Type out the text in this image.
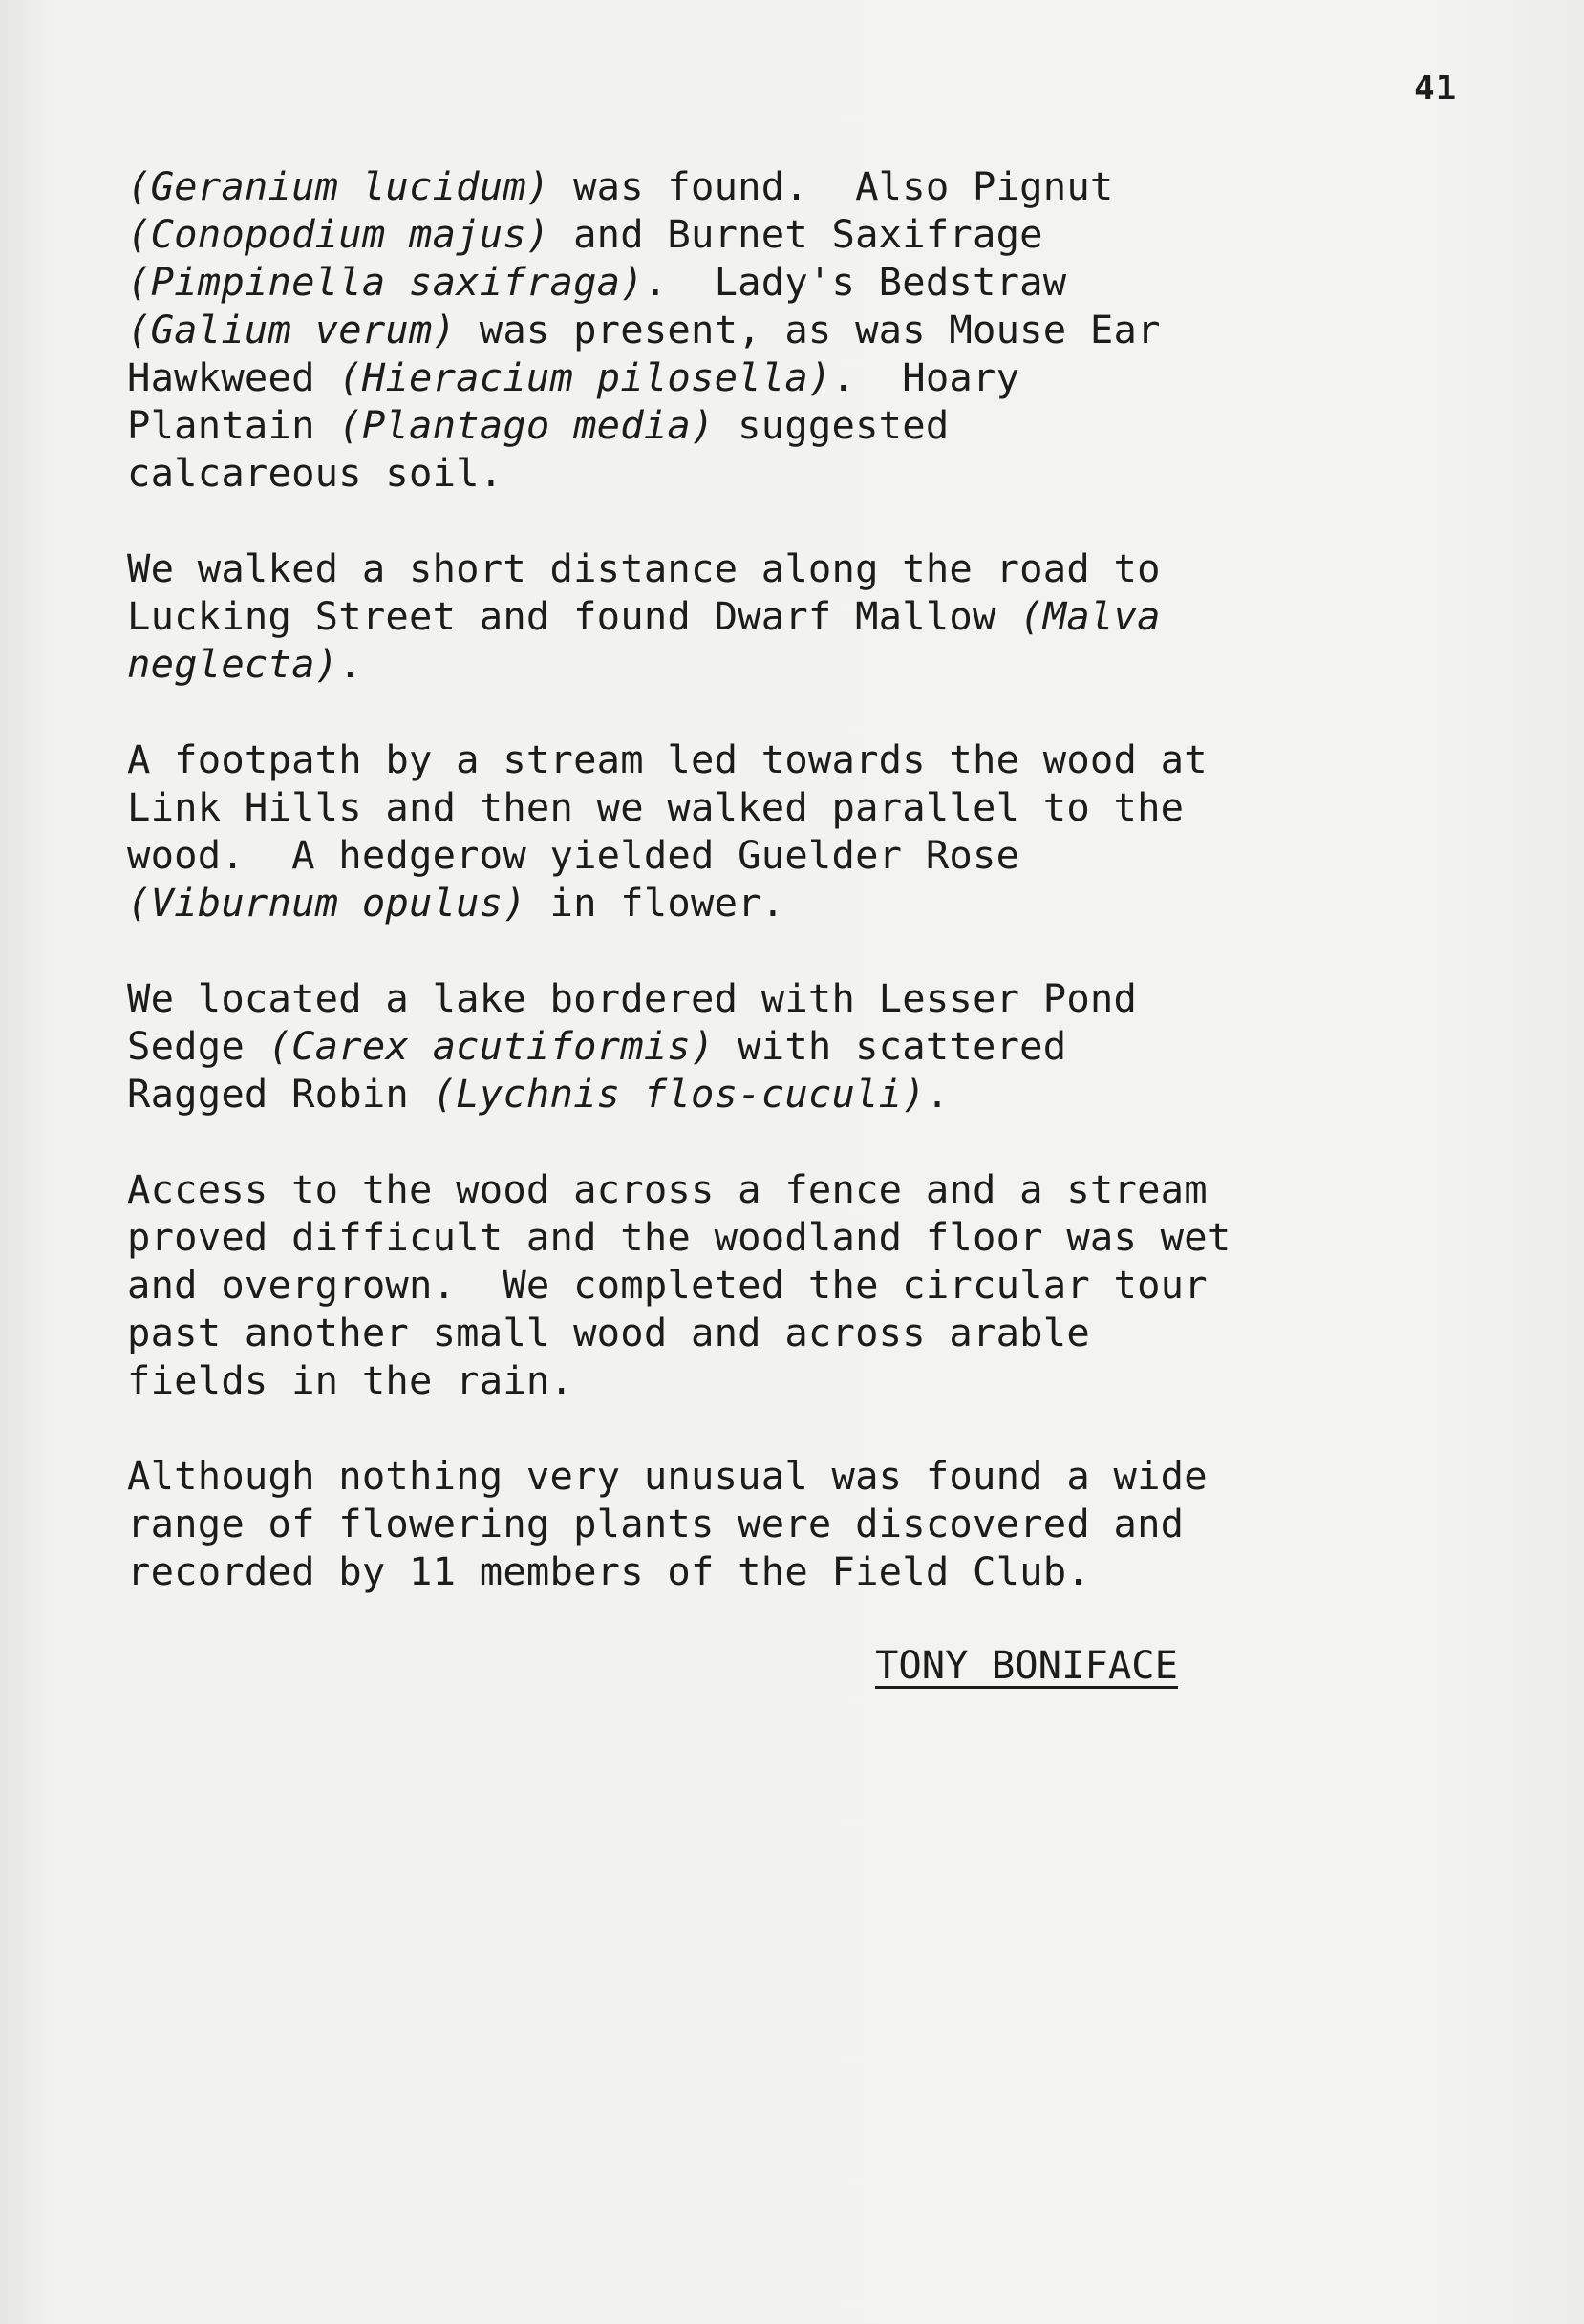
41
(Geranium lucidum) was found.  Also Pignut
(Conopodium majus) and Burnet Saxifrage
(Pimpinella saxifraga).  Lady's Bedstraw
(Galium verum) was present, as was Mouse Ear
Hawkweed (Hieracium pilosella).  Hoary
Plantain (Plantago media) suggested
calcareous soil.
We walked a short distance along the road to
Lucking Street and found Dwarf Mallow (Malva
neglecta).
A footpath by a stream led towards the wood at
Link Hills and then we walked parallel to the
wood.  A hedgerow yielded Guelder Rose
(Viburnum opulus) in flower.
We located a lake bordered with Lesser Pond
Sedge (Carex acutiformis) with scattered
Ragged Robin (Lychnis flos-cuculi).
Access to the wood across a fence and a stream
proved difficult and the woodland floor was wet
and overgrown.  We completed the circular tour
past another small wood and across arable
fields in the rain.
Although nothing very unusual was found a wide
range of flowering plants were discovered and
recorded by 11 members of the Field Club.
TONY BONIFACE
